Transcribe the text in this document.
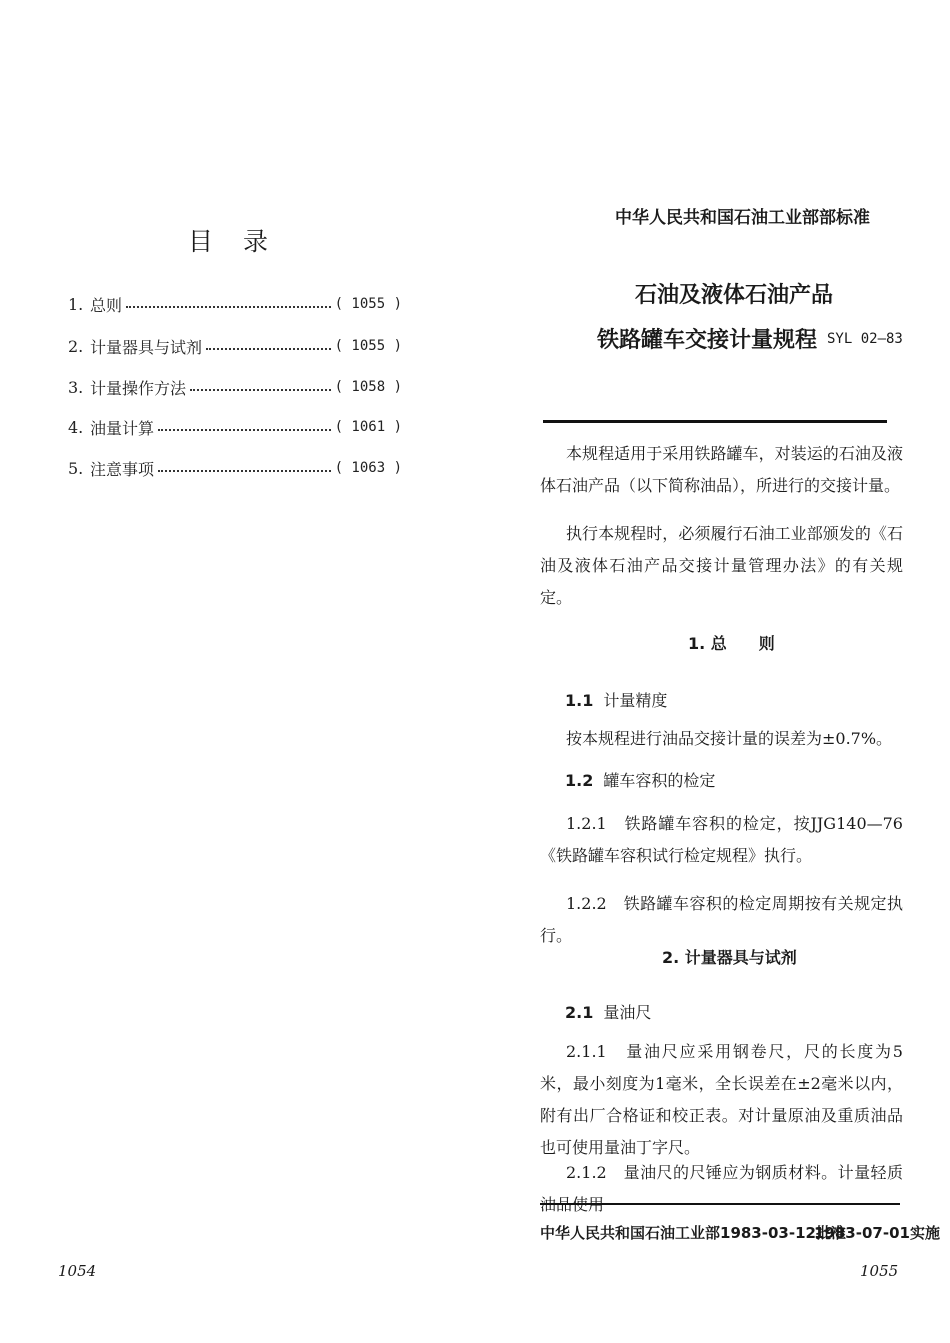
目 录
1. 总则	( 1055 )
2. 计量器具与试剂	( 1055 )
3. 计量操作方法	( 1058 )
4. 油量计算	( 1061 )
5. 注意事项	( 1063 )
1054
中华人民共和国石油工业部部标准
石油及液体石油产品
铁路罐车交接计量规程 SYL 02—83
本规程适用于采用铁路罐车，对装运的石油及液体石油产品（以下简称油品），所进行的交接计量。
执行本规程时，必须履行石油工业部颁发的《石油及液体石油产品交接计量管理办法》的有关规定。
1. 总　　则
1.1 计量精度
按本规程进行油品交接计量的误差为±0.7%。
1.2 罐车容积的检定
1.2.1　铁路罐车容积的检定，按JJG140—76《铁路罐车容积试行检定规程》执行。
1.2.2　铁路罐车容积的检定周期按有关规定执行。
2. 计量器具与试剂
2.1 量油尺
2.1.1　量油尺应采用钢卷尺，尺的长度为5米，最小刻度为1毫米，全长误差在±2毫米以内，附有出厂合格证和校正表。对计量原油及重质油品也可使用量油丁字尺。
2.1.2　量油尺的尺锤应为钢质材料。计量轻质
中华人民共和国石油工业部1983-03-12批准
1983-07-01实施
1055
